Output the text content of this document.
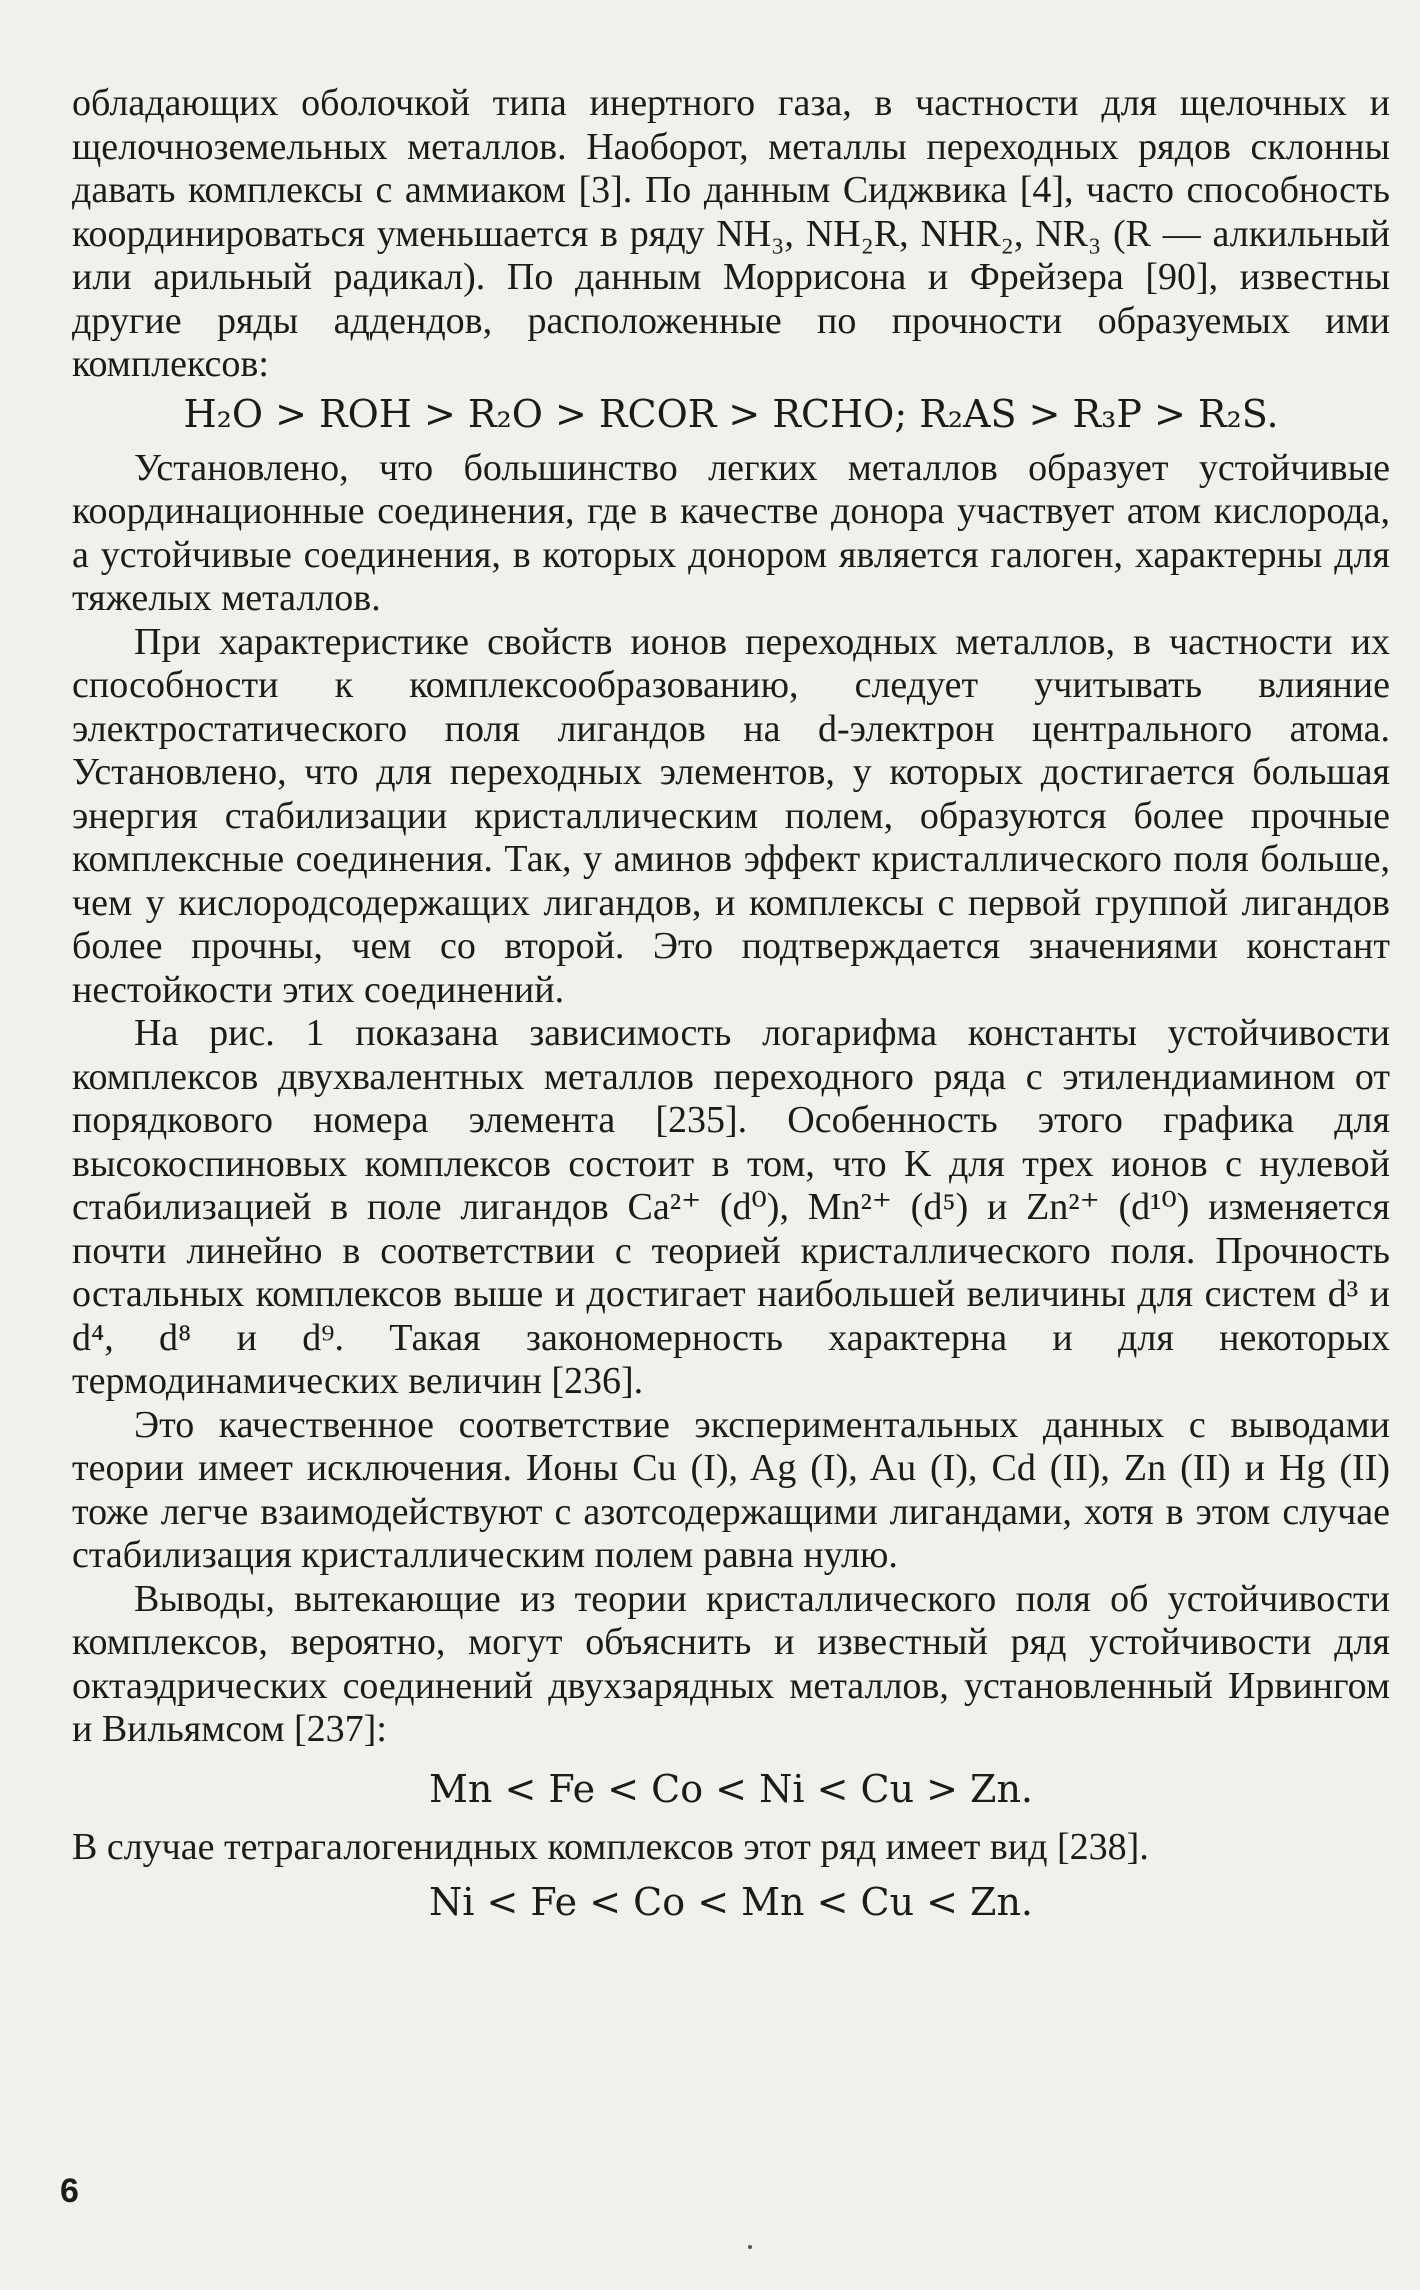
обладающих оболочкой типа инертного газа, в частности для щелочных и щелочноземельных металлов. Наоборот, металлы переходных рядов склонны давать комплексы с аммиаком [3]. По данным Сиджвика [4], часто способность координироваться уменьшается в ряду NH₃, NH₂R, NHR₂, NR₃ (R — алкильный или арильный радикал). По данным Моррисона и Фрейзера [90], известны другие ряды аддендов, расположенные по прочности образуемых ими комплексов:

H₂O > ROH > R₂O > RCOR > RCHO; R₂AS > R₃P > R₂S.

Установлено, что большинство легких металлов образует устойчивые координационные соединения, где в качестве донора участвует атом кислорода, а устойчивые соединения, в которых донором является галоген, характерны для тяжелых металлов.

При характеристике свойств ионов переходных металлов, в частности их способности к комплексообразованию, следует учитывать влияние электростатического поля лигандов на d-электрон центрального атома. Установлено, что для переходных элементов, у которых достигается большая энергия стабилизации кристаллическим полем, образуются более прочные комплексные соединения. Так, у аминов эффект кристаллического поля больше, чем у кислородсодержащих лигандов, и комплексы с первой группой лигандов более прочны, чем со второй. Это подтверждается значениями констант нестойкости этих соединений.

На рис. 1 показана зависимость логарифма константы устойчивости комплексов двухвалентных металлов переходного ряда с этилендиамином от порядкового номера элемента [235]. Особенность этого графика для высокоспиновых комплексов состоит в том, что K для трех ионов с нулевой стабилизацией в поле лигандов Ca²⁺ (d⁰), Mn²⁺ (d⁵) и Zn²⁺ (d¹⁰) изменяется почти линейно в соответствии с теорией кристаллического поля. Прочность остальных комплексов выше и достигает наибольшей величины для систем d³ и d⁴, d⁸ и d⁹. Такая закономерность характерна и для некоторых термодинамических величин [236].

Это качественное соответствие экспериментальных данных с выводами теории имеет исключения. Ионы Cu (I), Ag (I), Au (I), Cd (II), Zn (II) и Hg (II) тоже легче взаимодействуют с азотсодержащими лигандами, хотя в этом случае стабилизация кристаллическим полем равна нулю.

Выводы, вытекающие из теории кристаллического поля об устойчивости комплексов, вероятно, могут объяснить и известный ряд устойчивости для октаэдрических соединений двухзарядных металлов, установленный Ирвингом и Вильямсом [237]:

Mn < Fe < Co < Ni < Cu > Zn.

В случае тетрагалогенидных комплексов этот ряд имеет вид [238].

Ni < Fe < Co < Mn < Cu < Zn.

6
